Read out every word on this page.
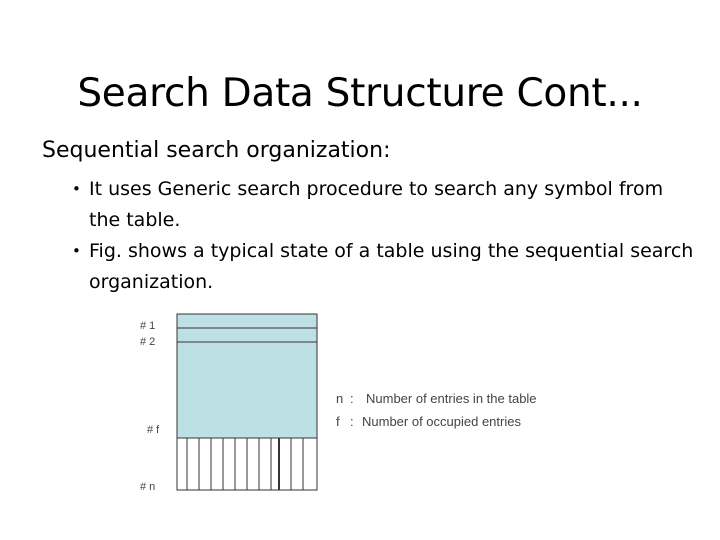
Search Data Structure Cont...
Sequential search organization:
• It uses Generic search procedure to search any symbol from the table.
• Fig. shows a typical state of a table using the sequential search organization.
# 1
# 2
# f
# n
n : Number of entries in the table
f : Number of occupied entries
